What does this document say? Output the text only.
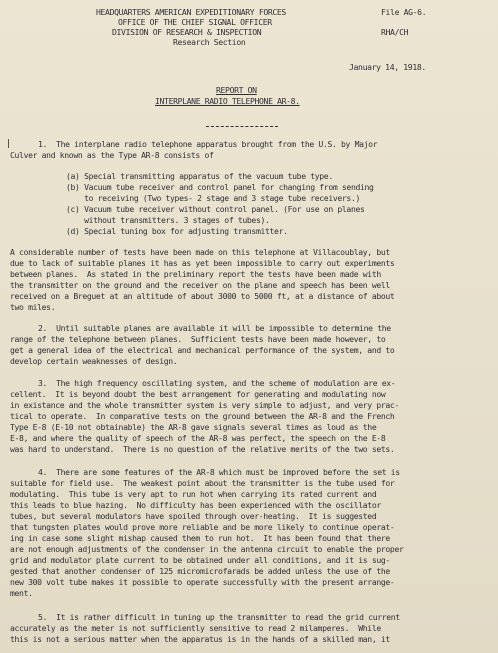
HEADQUARTERS AMERICAN EXPEDITIONARY FORCES
OFFICE OF THE CHIEF SIGNAL OFFICER
DIVISION OF RESEARCH & INSPECTION
Research Section
File AG-6.
RHA/CH
January 14, 1918.
REPORT ON
INTERPLANE RADIO TELEPHONE AR-8.
1.  The interplane radio telephone apparatus brought from the U.S. by Major
Culver and known as the Type AR-8 consists of
(a) Special transmitting apparatus of the vacuum tube type.
(b) Vacuum tube receiver and control panel for changing from sending
to receiving (Two types- 2 stage and 3 stage tube receivers.)
(c) Vacuum tube receiver without control panel. (For use on planes
without transmitters. 3 stages of tubes).
(d) Special tuning box for adjusting transmitter.
A considerable number of tests have been made on this telephone at Villacoublay, but
due to lack of suitable planes it has as yet been impossible to carry out experiments
between planes.  As stated in the preliminary report the tests have been made with
the transmitter on the ground and the receiver on the plane and speech has been well
received on a Breguet at an altitude of about 3000 to 5000 ft, at a distance of about
two miles.
2.  Until suitable planes are available it will be impossible to determine the
range of the telephone between planes.  Sufficient tests have been made however, to
get a general idea of the electrical and mechanical performance of the system, and to
develop certain weaknesses of design.
3.  The high frequency oscillating system, and the scheme of modulation are ex-
cellent.  It is beyond doubt the best arrangement for generating and modulating now
in existance and the whole transmitter system is very simple to adjust, and very prac-
tical to operate.  In comparative tests on the ground between the AR-8 and the French
Type E-8 (E-10 not obtainable) the AR-8 gave signals several times as loud as the
E-8, and where the quality of speech of the AR-8 was perfect, the speech on the E-8
was hard to understand.  There is no question of the relative merits of the two sets.
4.  There are some features of the AR-8 which must be improved before the set is
suitable for field use.  The weakest point about the transmitter is the tube used for
modulating.  This tube is very apt to run hot when carrying its rated current and
this leads to blue hazing.  No difficulty has been experienced with the oscillator
tubes, but several modulators have spoiled through over-heating.  It is suggested
that tungsten plates would prove more reliable and be more likely to continue operat-
ing in case some slight mishap caused them to run hot.  It has been found that there
are not enough adjustments of the condenser in the antenna circuit to enable the proper
grid and modulator plate current to be obtained under all conditions, and it is sug-
gested that another condenser of 125 micromicrofarads be added unless the use of the
new 300 volt tube makes it possible to operate successfully with the present arrange-
ment.
5.  It is rather difficult in tuning up the transmitter to read the grid current
accurately as the meter is not sufficiently sensitive to read 2 milamperes.  While
this is not a serious matter when the apparatus is in the hands of a skilled man, it
